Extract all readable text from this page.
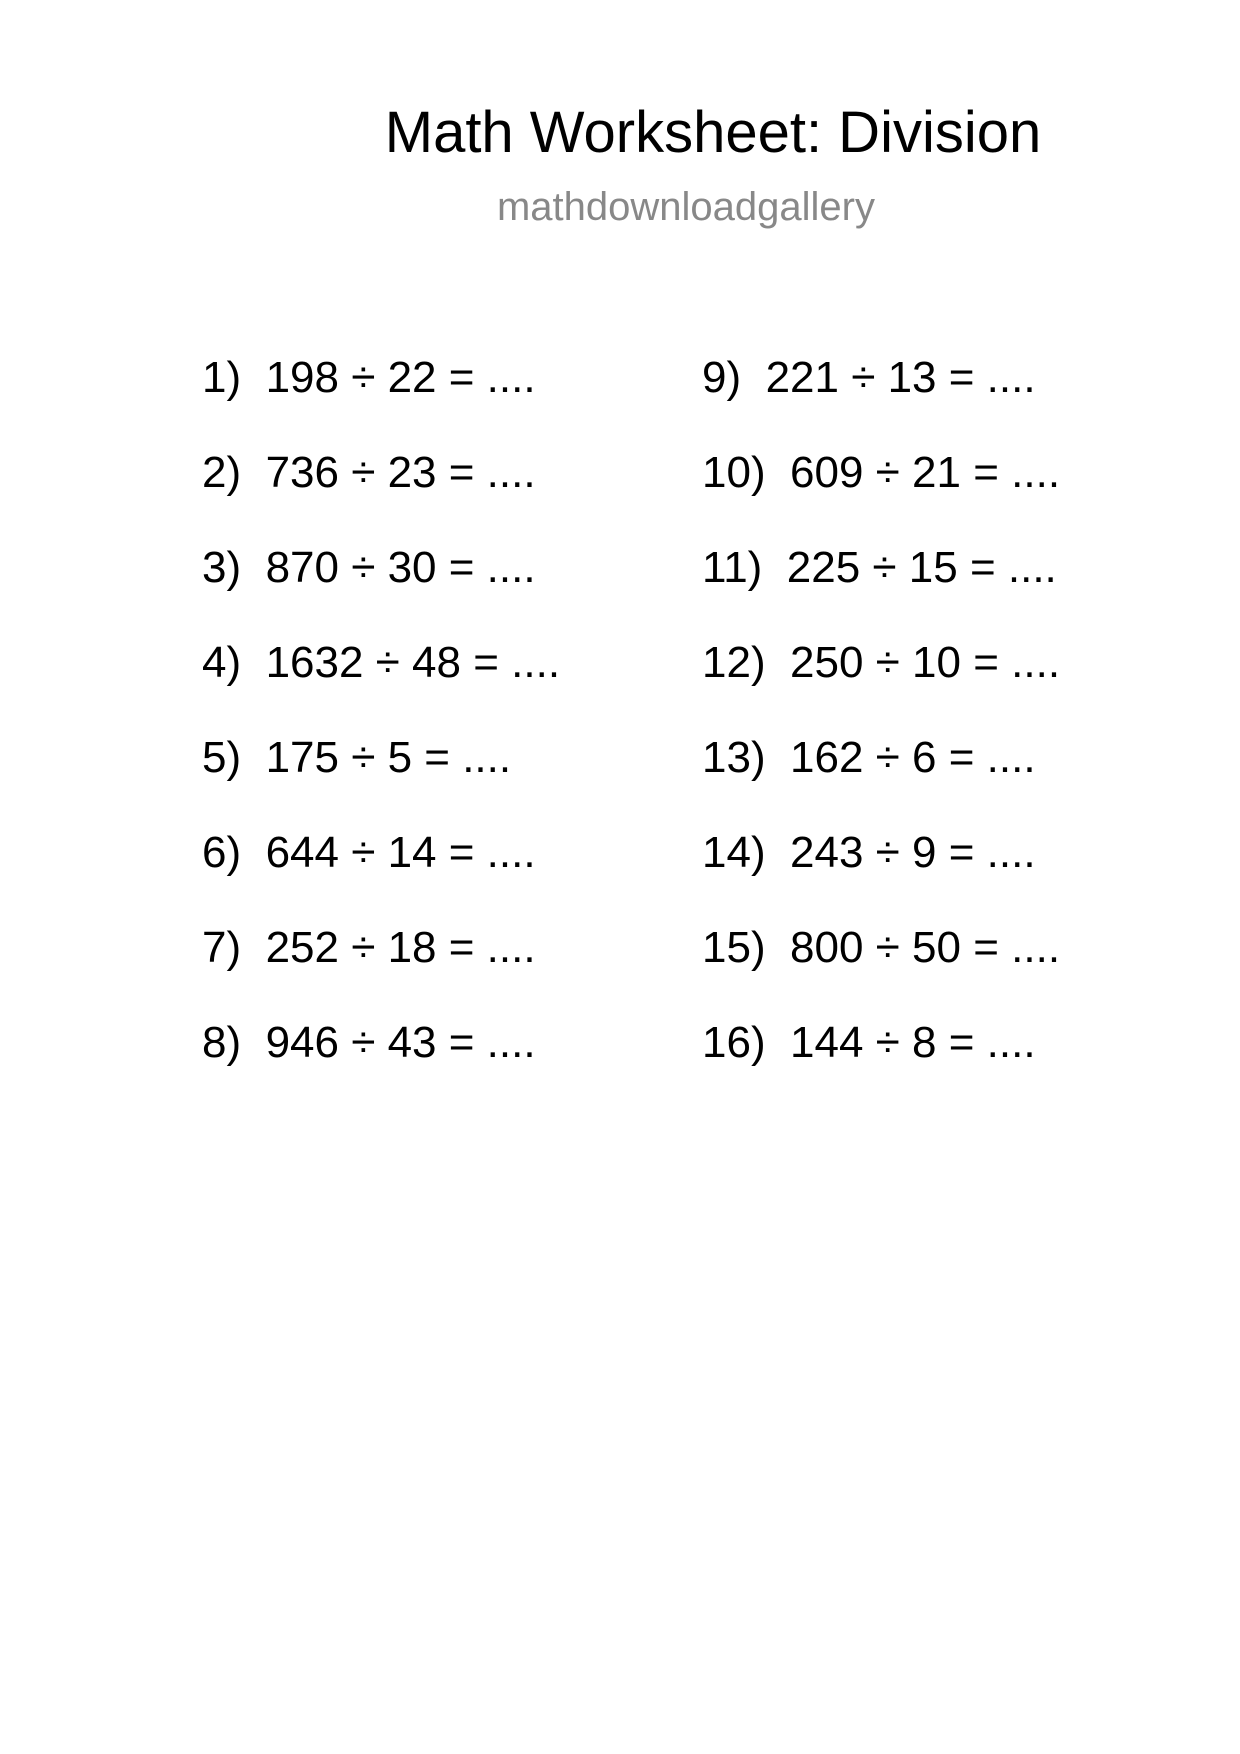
Math Worksheet: Division
mathdownloadgallery
1) 198 ÷ 22 = ....
2) 736 ÷ 23 = ....
3) 870 ÷ 30 = ....
4) 1632 ÷ 48 = ....
5) 175 ÷ 5 = ....
6) 644 ÷ 14 = ....
7) 252 ÷ 18 = ....
8) 946 ÷ 43 = ....
9) 221 ÷ 13 = ....
10) 609 ÷ 21 = ....
11) 225 ÷ 15 = ....
12) 250 ÷ 10 = ....
13) 162 ÷ 6 = ....
14) 243 ÷ 9 = ....
15) 800 ÷ 50 = ....
16) 144 ÷ 8 = ....
